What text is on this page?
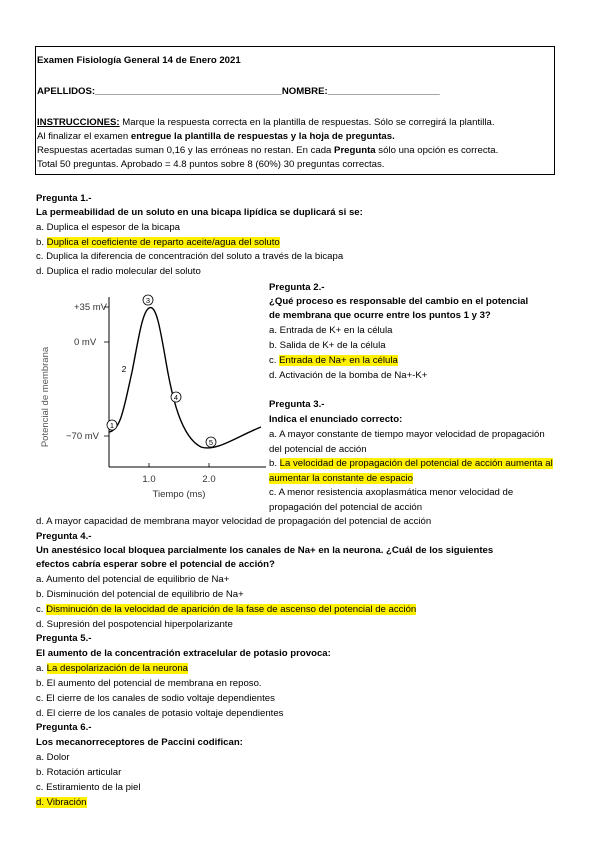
Examen Fisiología General 14 de Enero 2021
APELLIDOS:___________________________________NOMBRE:_____________________
INSTRUCCIONES: Marque la respuesta correcta en la plantilla de respuestas. Sólo se corregirá la plantilla.
Al finalizar el examen entregue la plantilla de respuestas y la hoja de preguntas.
Respuestas acertadas suman 0,16 y las erróneas no restan. En cada Pregunta sólo una opción es correcta.
Total 50 preguntas. Aprobado = 4.8 puntos sobre 8 (60%) 30 preguntas correctas.
Pregunta 1.-
La permeabilidad de un soluto en una bicapa lipídica se duplicará si se:
a. Duplica el espesor de la bicapa
b. Duplica el coeficiente de reparto aceite/agua del soluto
c. Duplica la diferencia de concentración del soluto a través de la bicapa
d. Duplica el radio molecular del soluto
Potencial de membrana
+35 mV
0 mV
−70 mV
1.0	2.0
Tiempo (ms)
1
2
3
4
5
Pregunta 2.-
¿Qué proceso es responsable del cambio en el potencial
de membrana que ocurre entre los puntos 1 y 3?
a. Entrada de K+ en la célula
b. Salida de K+ de la célula
c. Entrada de Na+ en la célula
d. Activación de la bomba de Na+-K+
Pregunta 3.-
Indica el enunciado correcto:
a. A mayor constante de tiempo mayor velocidad de propagación del potencial de acción
b. La velocidad de propagación del potencial de acción aumenta al aumentar la constante de espacio
c. A menor resistencia axoplasmática menor velocidad de propagación del potencial de acción
d. A mayor capacidad de membrana mayor velocidad de propagación del potencial de acción
Pregunta 4.-
Un anestésico local bloquea parcialmente los canales de Na+ en la neurona. ¿Cuál de los siguientes
efectos cabría esperar sobre el potencial de acción?
a. Aumento del potencial de equilibrio de Na+
b. Disminución del potencial de equilibrio de Na+
c. Disminución de la velocidad de aparición de la fase de ascenso del potencial de acción
d. Supresión del pospotencial hiperpolarizante
Pregunta 5.-
El aumento de la concentración extracelular de potasio provoca:
a. La despolarización de la neurona
b. El aumento del potencial de membrana en reposo.
c. El cierre de los canales de sodio voltaje dependientes
d. El cierre de los canales de potasio voltaje dependientes
Pregunta 6.-
Los mecanorreceptores de Paccini codifican:
a. Dolor
b. Rotación articular
c. Estiramiento de la piel
d. Vibración
